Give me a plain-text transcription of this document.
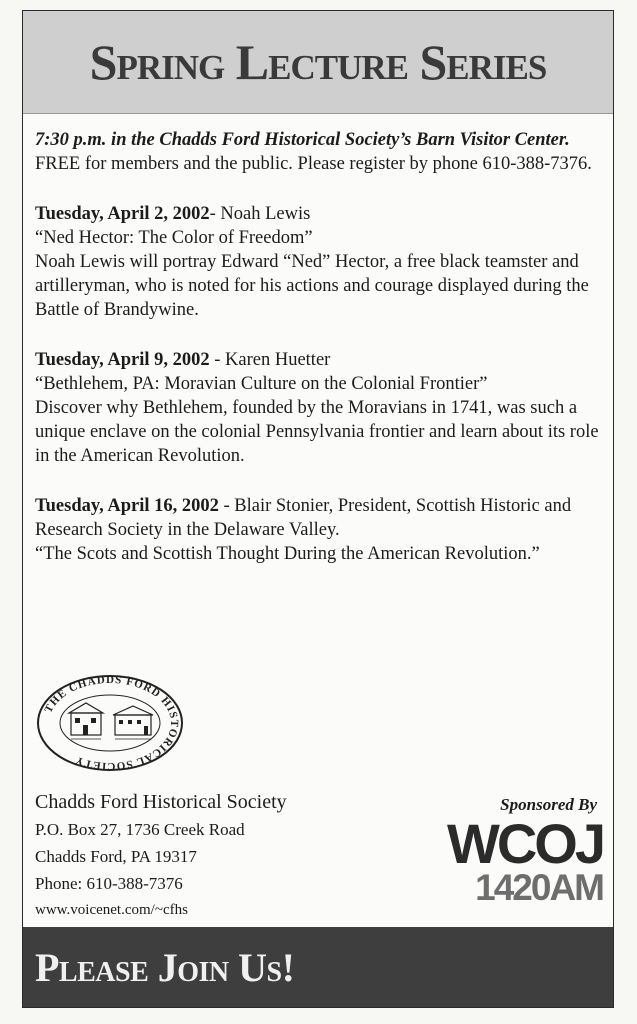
Spring Lecture Series

7:30 p.m. in the Chadds Ford Historical Society’s Barn Visitor Center. FREE for members and the public. Please register by phone 610-388-7376.

Tuesday, April 2, 2002- Noah Lewis

“Ned Hector: The Color of Freedom”

Noah Lewis will portray Edward “Ned” Hector, a free black teamster and artilleryman, who is noted for his actions and courage displayed during the Battle of Brandywine.

Tuesday, April 9, 2002 - Karen Huetter

“Bethlehem, PA: Moravian Culture on the Colonial Frontier”

Discover why Bethlehem, founded by the Moravians in 1741, was such a unique enclave on the colonial Pennsylvania frontier and learn about its role in the American Revolution.

Tuesday, April 16, 2002 - Blair Stonier, President, Scottish Historic and Research Society in the Delaware Valley.

“The Scots and Scottish Thought During the American Revolution.”

THE CHADDS FORD HISTORICAL SOCIETY
Chadds Ford Historical Society
P.O. Box 27, 1736 Creek Road
Chadds Ford, PA 19317
Phone: 610-388-7376
www.voicenet.com/~cfhs
Sponsored By
WCOJ
1420AM
Please Join Us!
